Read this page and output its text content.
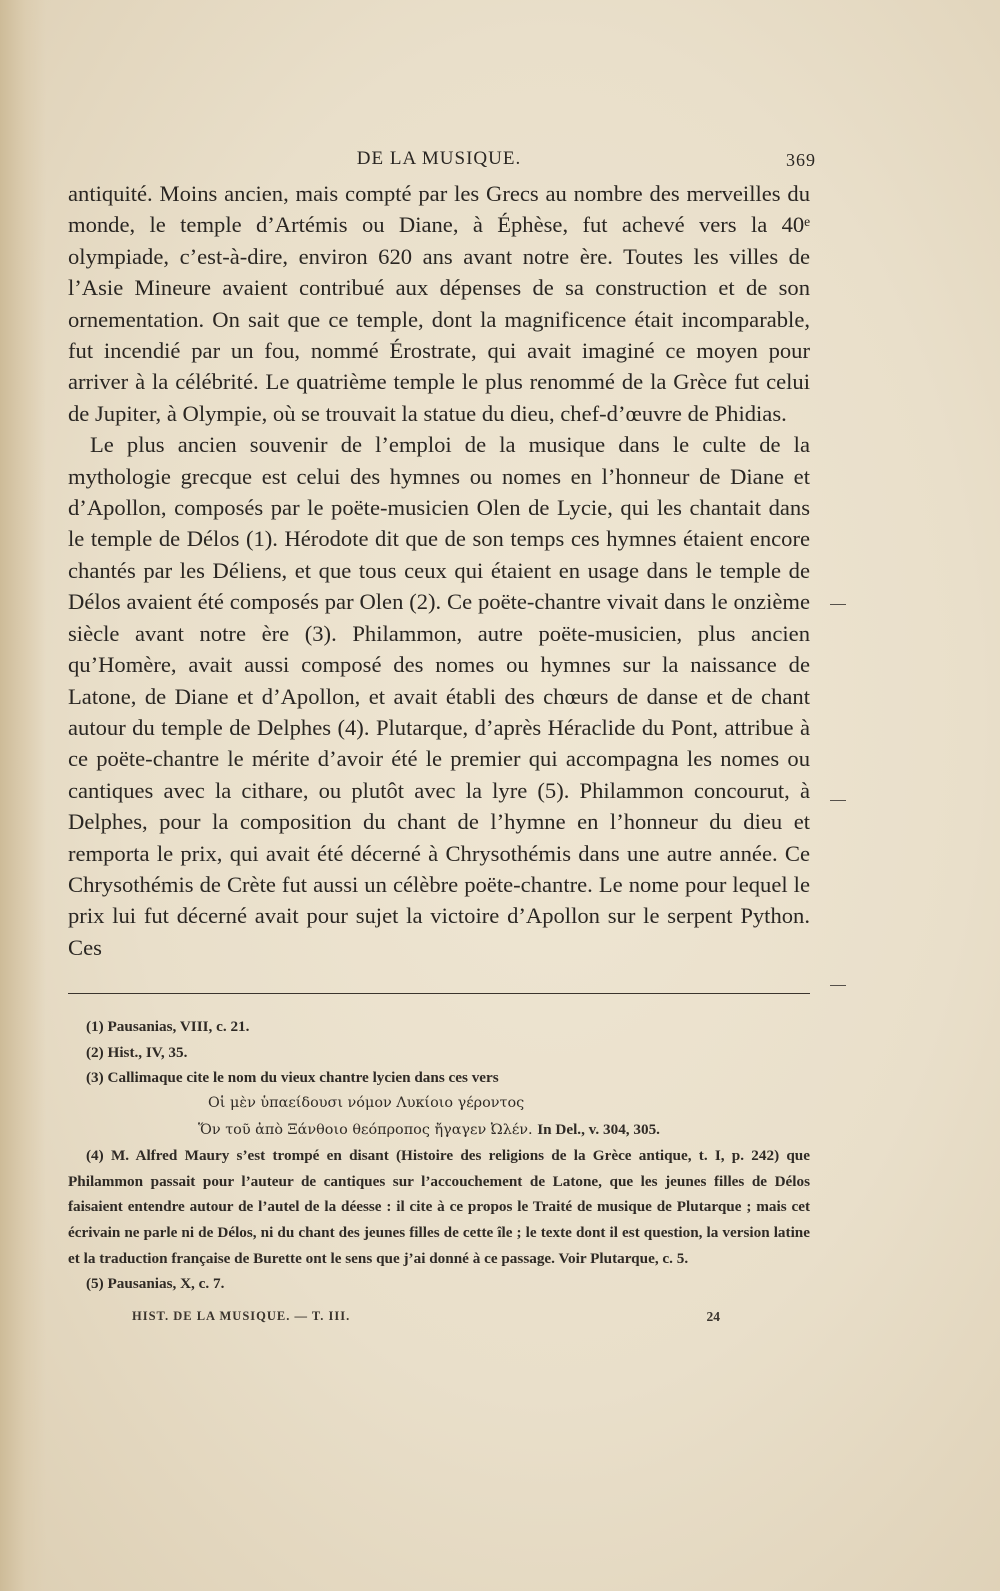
DE LA MUSIQUE.	369

antiquité. Moins ancien, mais compté par les Grecs au nombre des merveilles du monde, le temple d’Artémis ou Diane, à Éphèse, fut achevé vers la 40ᵉ olympiade, c’est-à-dire, environ 620 ans avant notre ère. Toutes les villes de l’Asie Mineure avaient contribué aux dépenses de sa construction et de son ornementation. On sait que ce temple, dont la magnificence était incomparable, fut incendié par un fou, nommé Érostrate, qui avait imaginé ce moyen pour arriver à la célébrité. Le quatrième temple le plus renommé de la Grèce fut celui de Jupiter, à Olympie, où se trouvait la statue du dieu, chef-d’œuvre de Phidias.

Le plus ancien souvenir de l’emploi de la musique dans le culte de la mythologie grecque est celui des hymnes ou nomes en l’honneur de Diane et d’Apollon, composés par le poëte-musicien Olen de Lycie, qui les chantait dans le temple de Délos (1). Hérodote dit que de son temps ces hymnes étaient encore chantés par les Déliens, et que tous ceux qui étaient en usage dans le temple de Délos avaient été composés par Olen (2). Ce poëte-chantre vivait dans le onzième siècle avant notre ère (3). Philammon, autre poëte-musicien, plus ancien qu’Homère, avait aussi composé des nomes ou hymnes sur la naissance de Latone, de Diane et d’Apollon, et avait établi des chœurs de danse et de chant autour du temple de Delphes (4). Plutarque, d’après Héraclide du Pont, attribue à ce poëte-chantre le mérite d’avoir été le premier qui accompagna les nomes ou cantiques avec la cithare, ou plutôt avec la lyre (5). Philammon concourut, à Delphes, pour la composition du chant de l’hymne en l’honneur du dieu et remporta le prix, qui avait été décerné à Chrysothémis dans une autre année. Ce Chrysothémis de Crète fut aussi un célèbre poëte-chantre. Le nome pour lequel le prix lui fut décerné avait pour sujet la victoire d’Apollon sur le serpent Python. Ces

(1) Pausanias, VIII, c. 21.
(2) Hist., IV, 35.
(3) Callimaque cite le nom du vieux chantre lycien dans ces vers
Οἱ μὲν ὑπαείδουσι νόμον Λυκίοιο γέροντος
Ὅν τοῦ ἀπὸ Ξάνθοιο θεόπροπος ἤγαγεν Ὠλέν. In Del., v. 304, 305.
(4) M. Alfred Maury s’est trompé en disant (Histoire des religions de la Grèce antique, t. I, p. 242) que Philammon passait pour l’auteur de cantiques sur l’accouchement de Latone, que les jeunes filles de Délos faisaient entendre autour de l’autel de la déesse : il cite à ce propos le Traité de musique de Plutarque ; mais cet écrivain ne parle ni de Délos, ni du chant des jeunes filles de cette île ; le texte dont il est question, la version latine et la traduction française de Burette ont le sens que j’ai donné à ce passage. Voir Plutarque, c. 5.
(5) Pausanias, X, c. 7.
HIST. DE LA MUSIQUE. — T. III.	24
